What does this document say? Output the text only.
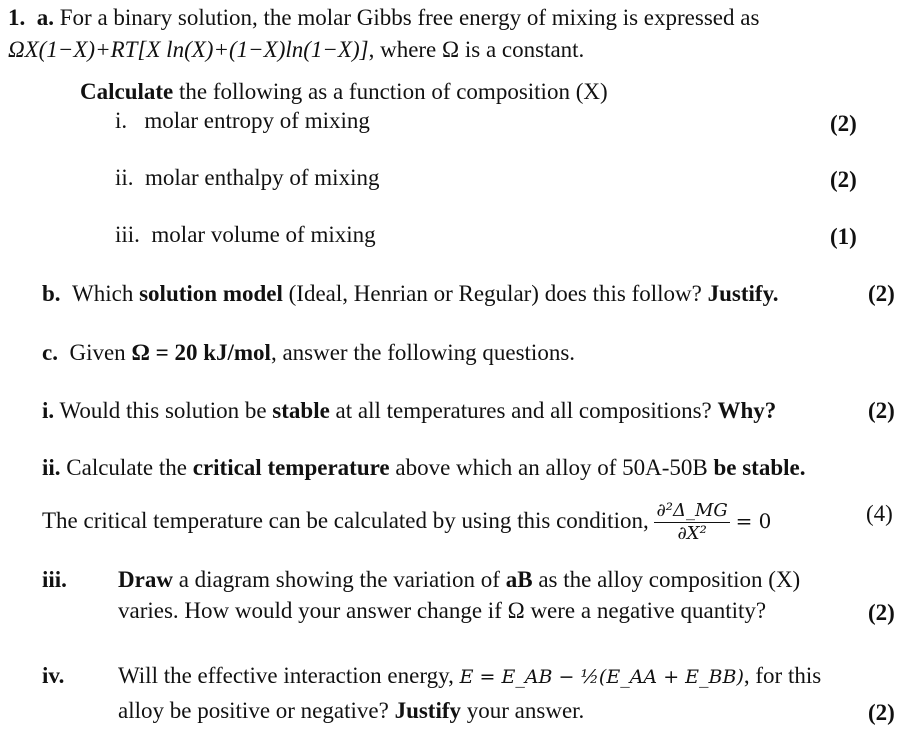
1. a. For a binary solution, the molar Gibbs free energy of mixing is expressed as
ΩX(1−X)+RT[X ln(X)+(1−X)ln(1−X)], where Ω is a constant.
Calculate the following as a function of composition (X)
i. molar entropy of mixing	(2)
ii. molar enthalpy of mixing	(2)
iii. molar volume of mixing	(1)
b. Which solution model (Ideal, Henrian or Regular) does this follow? Justify.	(2)
c. Given Ω = 20 kJ/mol, answer the following questions.
i. Would this solution be stable at all temperatures and all compositions? Why?	(2)
ii. Calculate the critical temperature above which an alloy of 50A-50B be stable.
The critical temperature can be calculated by using this condition, $\frac{\text{∂²Δ\_MG}}{\text{∂X²}} = 0$	(4)
iii. Draw a diagram showing the variation of aB as the alloy composition (X)
varies. How would your answer change if Ω were a negative quantity?	(2)
iv. Will the effective interaction energy, E = E_AB − ½(E_AA + E_BB), for this
alloy be positive or negative? Justify your answer.	(2)
